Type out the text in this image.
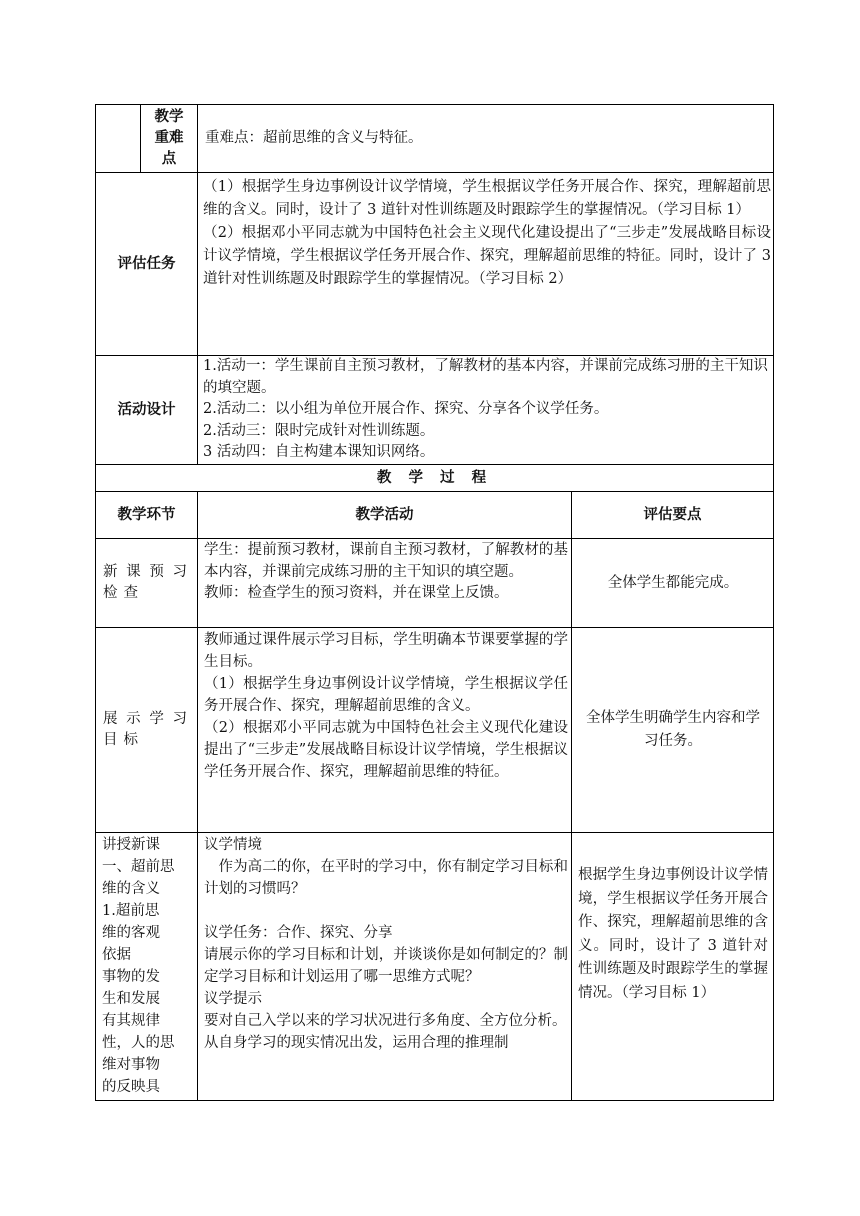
教学
重难
点
重难点：超前思维的含义与特征。
评估任务
（1）根据学生身边事例设计议学情境，学生根据议学任务开展合作、探究，理解超前思维的含义。同时，设计了 3 道针对性训练题及时跟踪学生的掌握情况。（学习目标 1）
（2）根据邓小平同志就为中国特色社会主义现代化建设提出了“三步走”发展战略目标设计议学情境，学生根据议学任务开展合作、探究，理解超前思维的特征。同时，设计了 3 道针对性训练题及时跟踪学生的掌握情况。（学习目标 2）
活动设计
1.活动一：学生课前自主预习教材，了解教材的基本内容，并课前完成练习册的主干知识的填空题。
2.活动二：以小组为单位开展合作、探究、分享各个议学任务。
2.活动三：限时完成针对性训练题。
3 活动四：自主构建本课知识网络。
教 学 过 程
教学环节	教学活动	评估要点
新课预习检查
学生：提前预习教材，课前自主预习教材，了解教材的基本内容，并课前完成练习册的主干知识的填空题。
教师：检查学生的预习资料，并在课堂上反馈。
全体学生都能完成。
展示学习目标
教师通过课件展示学习目标，学生明确本节课要掌握的学生目标。
（1）根据学生身边事例设计议学情境，学生根据议学任务开展合作、探究，理解超前思维的含义。
（2）根据邓小平同志就为中国特色社会主义现代化建设提出了“三步走”发展战略目标设计议学情境，学生根据议学任务开展合作、探究，理解超前思维的特征。
全体学生明确学生内容和学习任务。
讲授新课
一、超前思
维的含义
1.超前思
维的客观
依据
事物的发
生和发展
有其规律
性，人的思
维对事物
的反映具
议学情境
　作为高二的你，在平时的学习中，你有制定学习目标和计划的习惯吗？
议学任务：合作、探究、分享
请展示你的学习目标和计划，并谈谈你是如何制定的？制定学习目标和计划运用了哪一思维方式呢？
议学提示
要对自己入学以来的学习状况进行多角度、全方位分析。
从自身学习的现实情况出发，运用合理的推理制
根据学生身边事例设计议学情境，学生根据议学任务开展合作、探究，理解超前思维的含义。同时，设计了 3 道针对性训练题及时跟踪学生的掌握情况。（学习目标 1）
